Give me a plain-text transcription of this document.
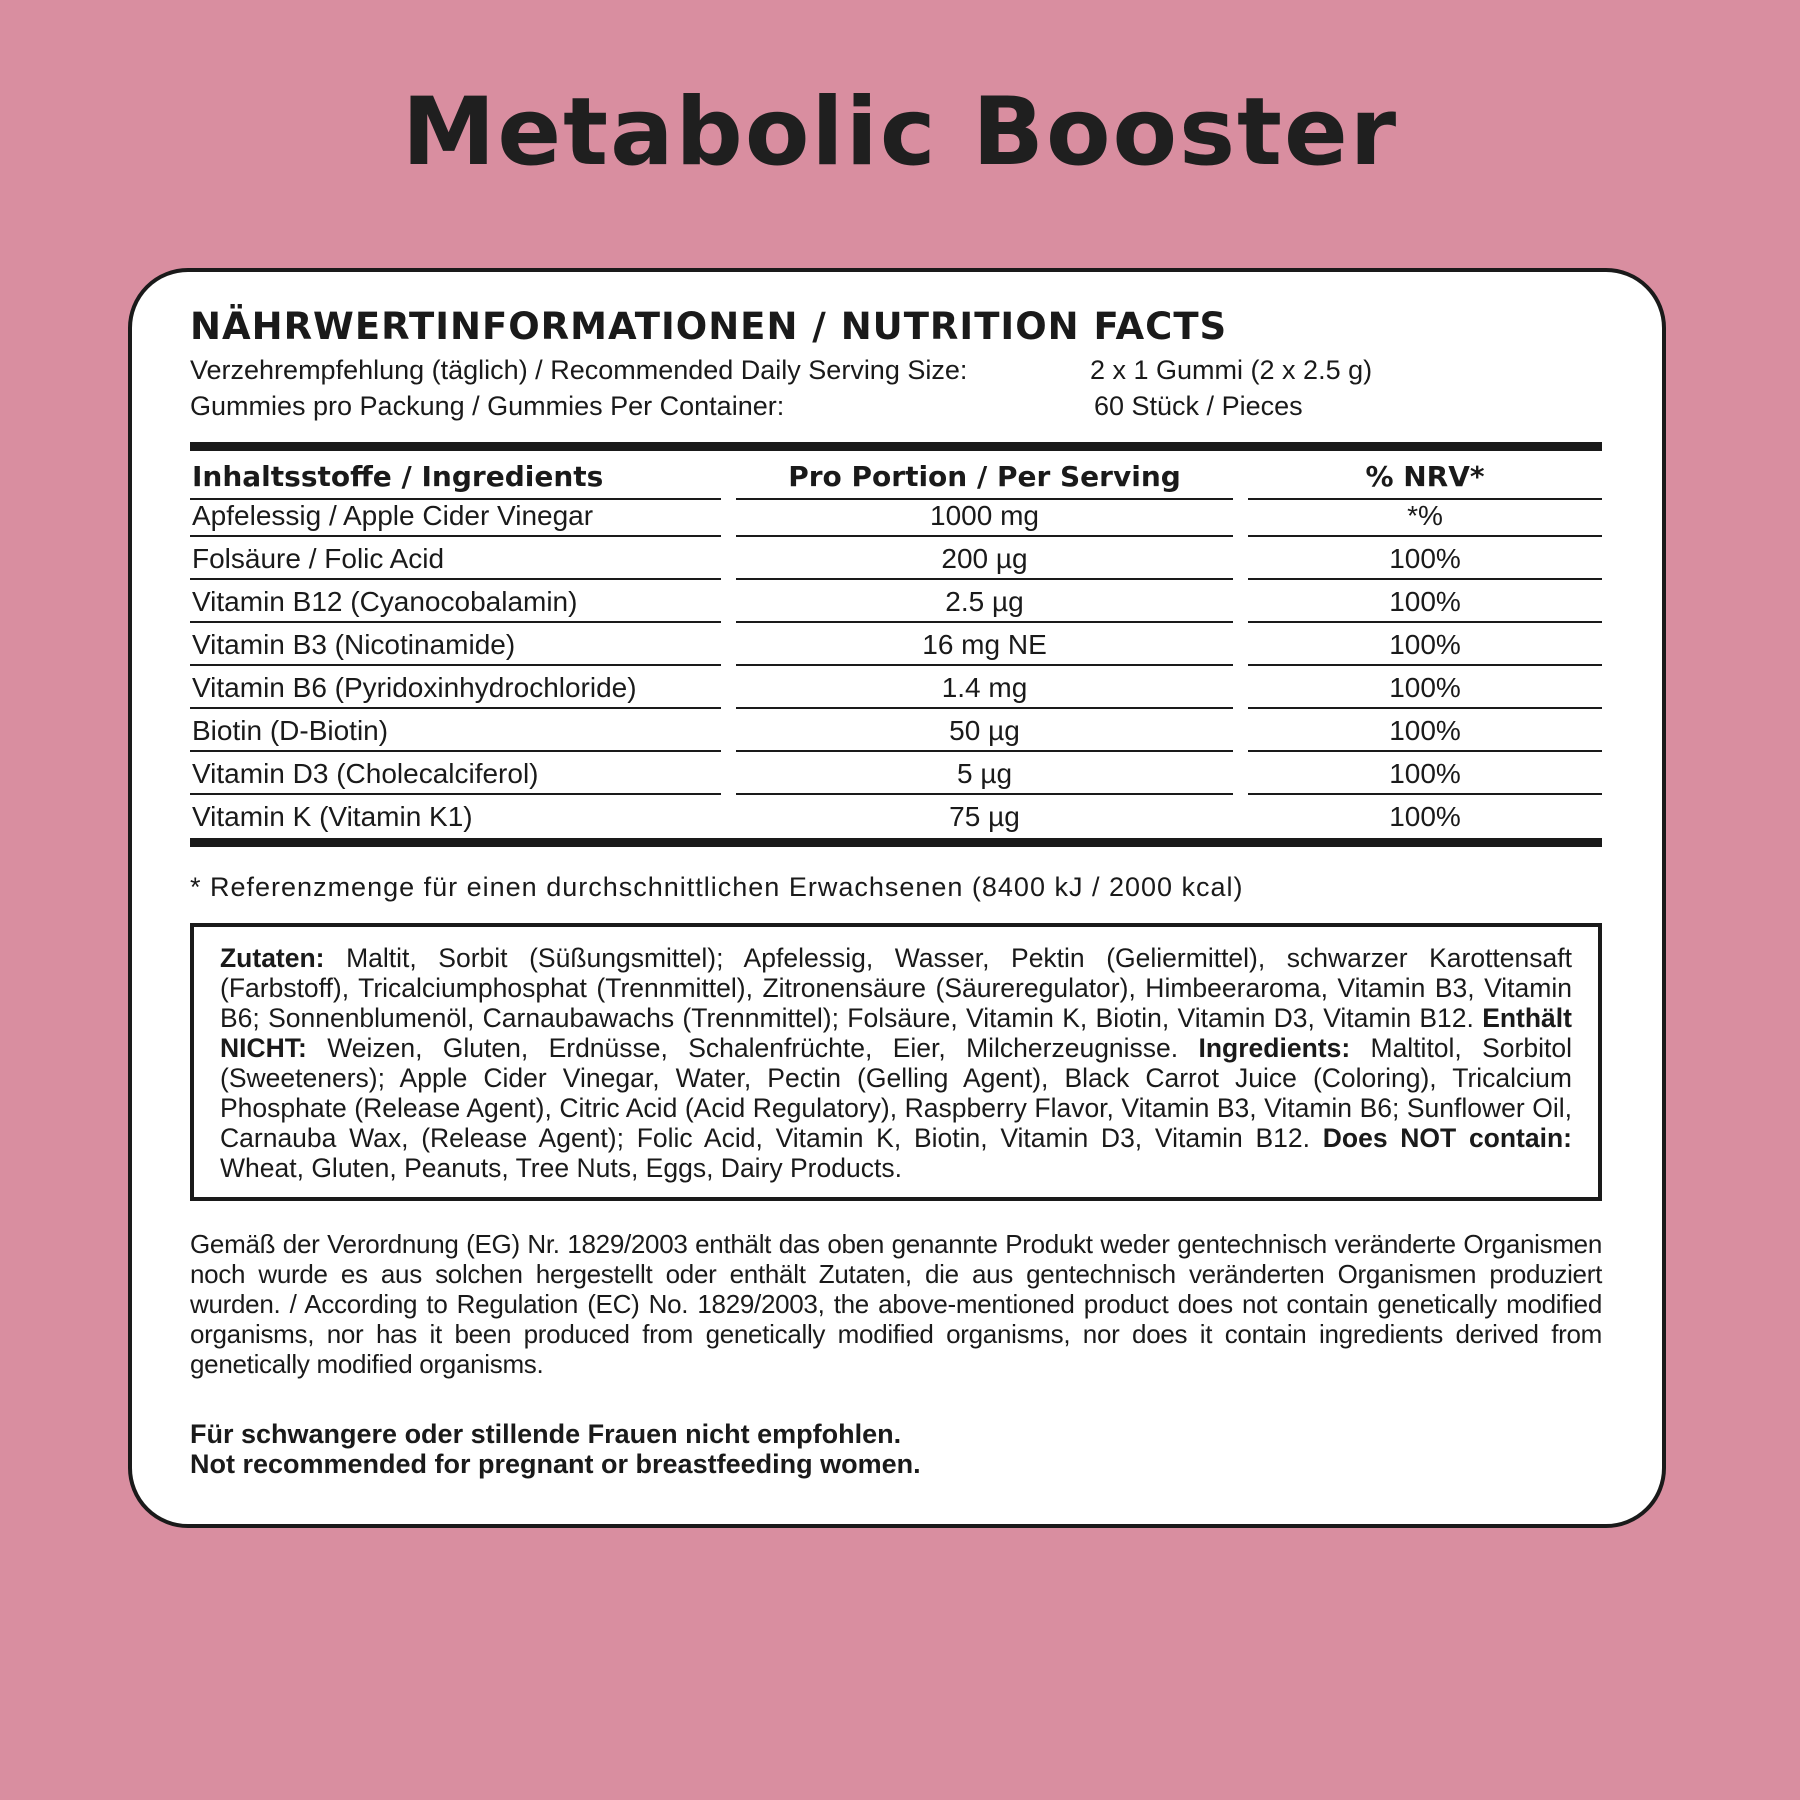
Metabolic Booster
NÄHRWERTINFORMATIONEN / NUTRITION FACTS
Verzehrempfehlung (täglich) / Recommended Daily Serving Size:	2 x 1 Gummi (2 x 2.5 g)
Gummies pro Packung / Gummies Per Container:	60 Stück / Pieces
Inhaltsstoffe / Ingredients	Pro Portion / Per Serving	% NRV*
Apfelessig / Apple Cider Vinegar	1000 mg	*%
Folsäure / Folic Acid	200 µg	100%
Vitamin B12 (Cyanocobalamin)	2.5 µg	100%
Vitamin B3 (Nicotinamide)	16 mg NE	100%
Vitamin B6 (Pyridoxinhydrochloride)	1.4 mg	100%
Biotin (D-Biotin)	50 µg	100%
Vitamin D3 (Cholecalciferol)	5 µg	100%
Vitamin K (Vitamin K1)	75 µg	100%
* Referenzmenge für einen durchschnittlichen Erwachsenen (8400 kJ / 2000 kcal)
Zutaten: Maltit, Sorbit (Süßungsmittel); Apfelessig, Wasser, Pektin (Geliermittel), schwarzer Karottensaft (Farbstoff), Tricalciumphosphat (Trennmittel), Zitronensäure (Säureregulator), Himbeeraroma, Vitamin B3, Vitamin B6; Sonnenblumenöl, Carnaubawachs (Trennmittel); Folsäure, Vitamin K, Biotin, Vitamin D3, Vitamin B12. Enthält NICHT: Weizen, Gluten, Erdnüsse, Schalenfrüchte, Eier, Milcherzeugnisse. Ingredients: Maltitol, Sorbitol (Sweeteners); Apple Cider Vinegar, Water, Pectin (Gelling Agent), Black Carrot Juice (Coloring), Tricalcium Phosphate (Release Agent), Citric Acid (Acid Regulatory), Raspberry Flavor, Vitamin B3, Vitamin B6; Sunflower Oil, Carnauba Wax, (Release Agent); Folic Acid, Vitamin K, Biotin, Vitamin D3, Vitamin B12. Does NOT contain: Wheat, Gluten, Peanuts, Tree Nuts, Eggs, Dairy Products.
Gemäß der Verordnung (EG) Nr. 1829/2003 enthält das oben genannte Produkt weder gentechnisch veränderte Organismen noch wurde es aus solchen hergestellt oder enthält Zutaten, die aus gentechnisch veränderten Organismen produziert wurden. / According to Regulation (EC) No. 1829/2003, the above-mentioned product does not contain genetically modified organisms, nor has it been produced from genetically modified organisms, nor does it contain ingredients derived from genetically modified organisms.
Für schwangere oder stillende Frauen nicht empfohlen.
Not recommended for pregnant or breastfeeding women.
